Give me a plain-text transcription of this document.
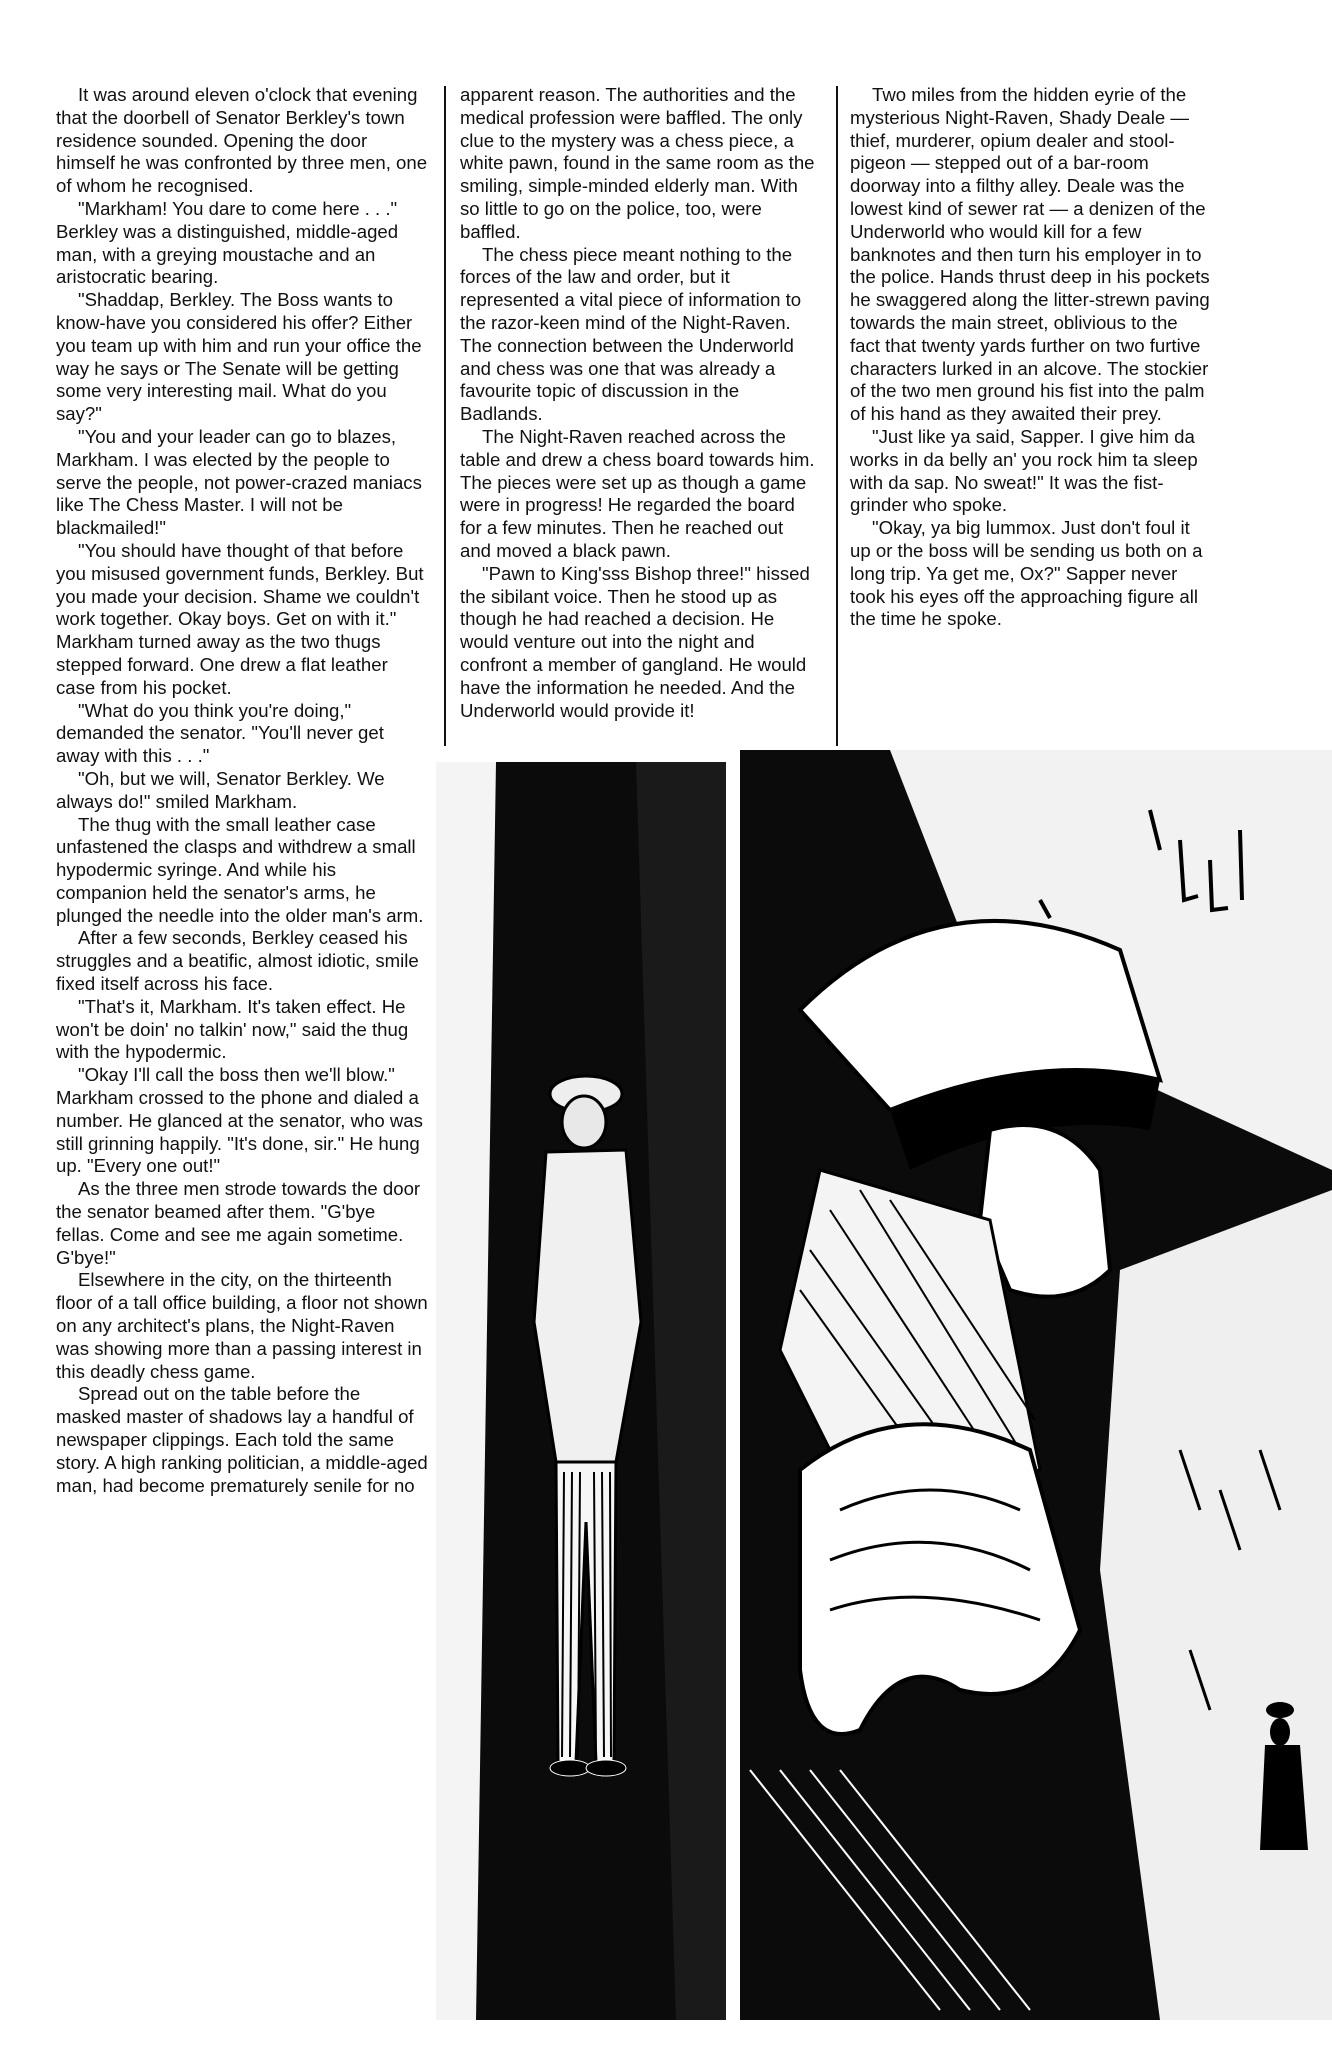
It was around eleven o'clock that evening that the doorbell of Senator Berkley's town residence sounded. Opening the door himself he was confronted by three men, one of whom he recognised.

"Markham! You dare to come here . . ." Berkley was a distinguished, middle-aged man, with a greying moustache and an aristocratic bearing.

"Shaddap, Berkley. The Boss wants to know-have you considered his offer? Either you team up with him and run your office the way he says or The Senate will be getting some very interesting mail. What do you say?"

"You and your leader can go to blazes, Markham. I was elected by the people to serve the people, not power-crazed maniacs like The Chess Master. I will not be blackmailed!"

"You should have thought of that before you misused government funds, Berkley. But you made your decision. Shame we couldn't work together. Okay boys. Get on with it." Markham turned away as the two thugs stepped forward. One drew a flat leather case from his pocket.

"What do you think you're doing," demanded the senator. "You'll never get away with this . . ."

"Oh, but we will, Senator Berkley. We always do!" smiled Markham.

The thug with the small leather case unfastened the clasps and withdrew a small hypodermic syringe. And while his companion held the senator's arms, he plunged the needle into the older man's arm.

After a few seconds, Berkley ceased his struggles and a beatific, almost idiotic, smile fixed itself across his face.

"That's it, Markham. It's taken effect. He won't be doin' no talkin' now," said the thug with the hypodermic.

"Okay I'll call the boss then we'll blow." Markham crossed to the phone and dialed a number. He glanced at the senator, who was still grinning happily. "It's done, sir." He hung up. "Every one out!"

As the three men strode towards the door the senator beamed after them. "G'bye fellas. Come and see me again sometime. G'bye!"

Elsewhere in the city, on the thirteenth floor of a tall office building, a floor not shown on any architect's plans, the Night-Raven was showing more than a passing interest in this deadly chess game.

Spread out on the table before the masked master of shadows lay a handful of newspaper clippings. Each told the same story. A high ranking politician, a middle-aged man, had become prematurely senile for no

apparent reason. The authorities and the medical profession were baffled. The only clue to the mystery was a chess piece, a white pawn, found in the same room as the smiling, simple-minded elderly man. With so little to go on the police, too, were baffled.

The chess piece meant nothing to the forces of the law and order, but it represented a vital piece of information to the razor-keen mind of the Night-Raven. The connection between the Underworld and chess was one that was already a favourite topic of discussion in the Badlands.

The Night-Raven reached across the table and drew a chess board towards him. The pieces were set up as though a game were in progress! He regarded the board for a few minutes. Then he reached out and moved a black pawn.

"Pawn to King'sss Bishop three!" hissed the sibilant voice. Then he stood up as though he had reached a decision. He would venture out into the night and confront a member of gangland. He would have the information he needed. And the Underworld would provide it!

Two miles from the hidden eyrie of the mysterious Night-Raven, Shady Deale — thief, murderer, opium dealer and stool-pigeon — stepped out of a bar-room doorway into a filthy alley. Deale was the lowest kind of sewer rat — a denizen of the Underworld who would kill for a few banknotes and then turn his employer in to the police. Hands thrust deep in his pockets he swaggered along the litter-strewn paving towards the main street, oblivious to the fact that twenty yards further on two furtive characters lurked in an alcove. The stockier of the two men ground his fist into the palm of his hand as they awaited their prey.

"Just like ya said, Sapper. I give him da works in da belly an' you rock him ta sleep with da sap. No sweat!" It was the fist-grinder who spoke.

"Okay, ya big lummox. Just don't foul it up or the boss will be sending us both on a long trip. Ya get me, Ox?" Sapper never took his eyes off the approaching figure all the time he spoke.
